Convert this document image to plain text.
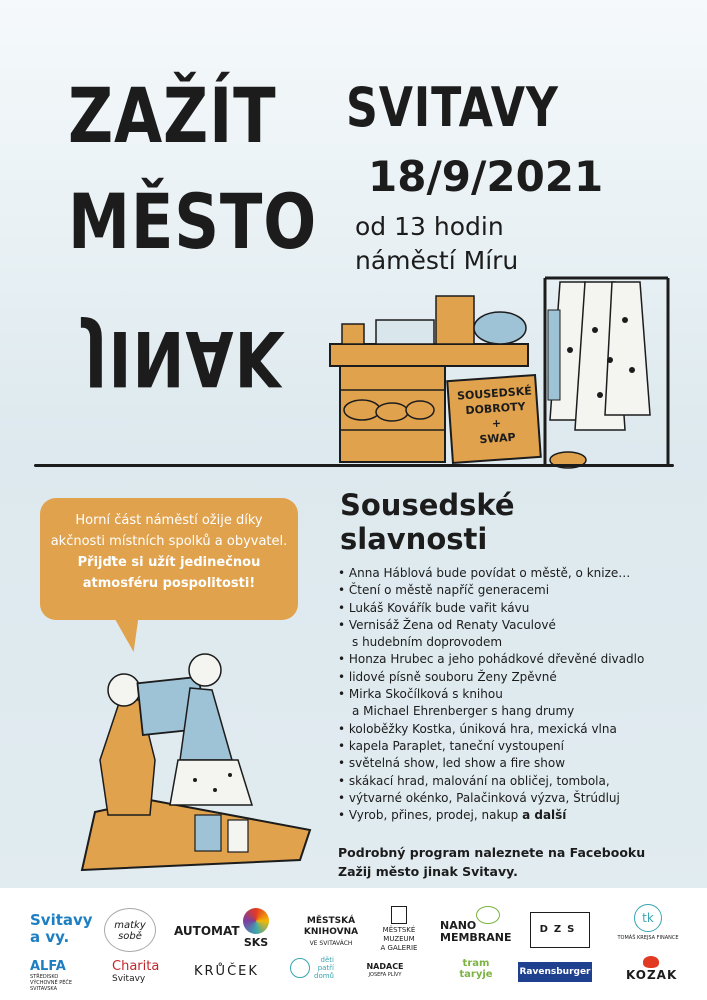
ZAŽÍT
MĚSTO
JINAK
SVITAVY
18/9/2021
od 13 hodin
náměstí Míru
SOUSEDSKÉ
DOBROTY
+
SWAP
Horní část náměstí ožije díky akčnosti místních spolků a obyvatel.
Přijďte si užít jedinečnou atmosféru pospolitosti!
Sousedské
slavnosti
• Anna Háblová bude povídat o městě, o knize…
• Čtení o městě napříč generacemi
• Lukáš Kovářík bude vařit kávu
• Vernisáž Žena od Renaty Vaculové
s hudebním doprovodem
• Honza Hrubec a jeho pohádkové dřevěné divadlo
• lidové písně souboru Ženy Zpěvné
• Mirka Skočílková s knihou
a Michael Ehrenberger s hang drumy
• koloběžky Kostka, úniková hra, mexická vlna
• kapela Paraplet, taneční vystoupení
• světelná show, led show a fire show
• skákací hrad, malování na obličej, tombola,
• výtvarné okénko, Palačinková výzva, Štrúdluj
• Vyrob, přines, prodej, nakup a další
Podrobný program naleznete na Facebooku
Zažij město jinak Svitavy.
Svitavy
a vy.
matky
sobě	AUTOMAT
SKS
MĚSTSKÁ
KNIHOVNA
VE SVITAVÁCH
MĚSTSKÉ
MUZEUM
A GALERIE
NANO
MEMBRANE
DZS
tk
TOMÁŠ KREJSA FINANCE
ALFA
STŘEDISKO VÝCHOVNÉ PÉČE SVITAVSKA
Charita
Svitavy	KRŮČEK
děti
patří
domů
NADACE
JOSEFA PLÍVY
tram
taryje	Ravensburger	KOZAK
